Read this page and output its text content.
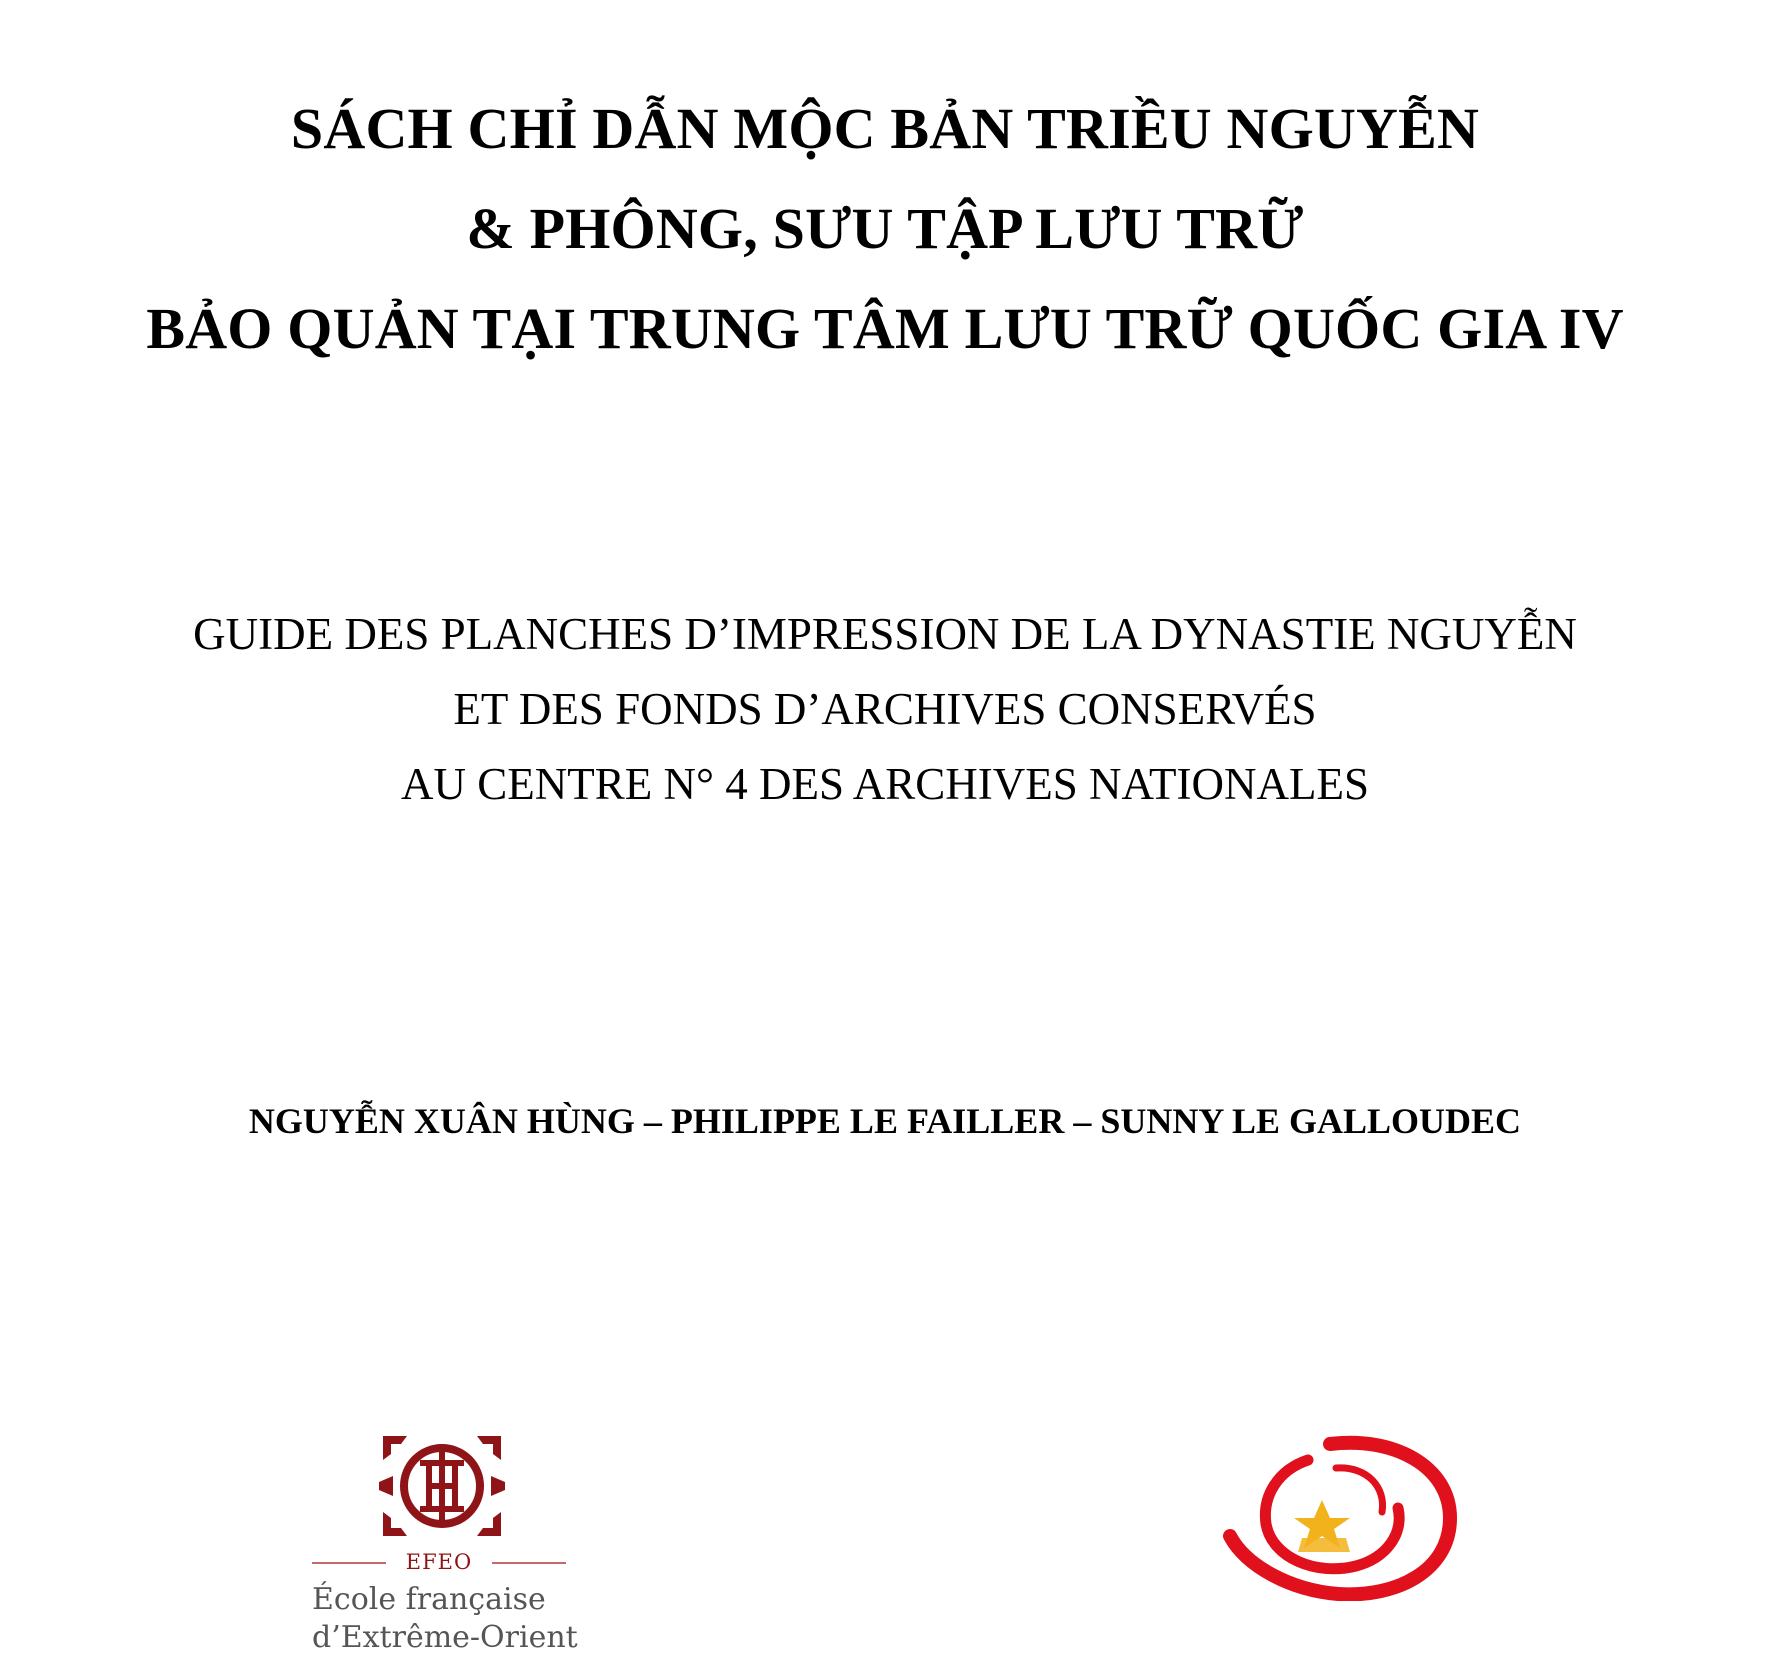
SÁCH CHỈ DẪN MỘC BẢN TRIỀU NGUYỄN
& PHÔNG, SƯU TẬP LƯU TRỮ
BẢO QUẢN TẠI TRUNG TÂM LƯU TRỮ QUỐC GIA IV
GUIDE DES PLANCHES D’IMPRESSION DE LA DYNASTIE NGUYỄN
ET DES FONDS D’ARCHIVES CONSERVÉS
AU CENTRE N° 4 DES ARCHIVES NATIONALES
NGUYỄN XUÂN HÙNG – PHILIPPE LE FAILLER – SUNNY LE GALLOUDEC
EFEO
École française
d’Extrême-Orient
